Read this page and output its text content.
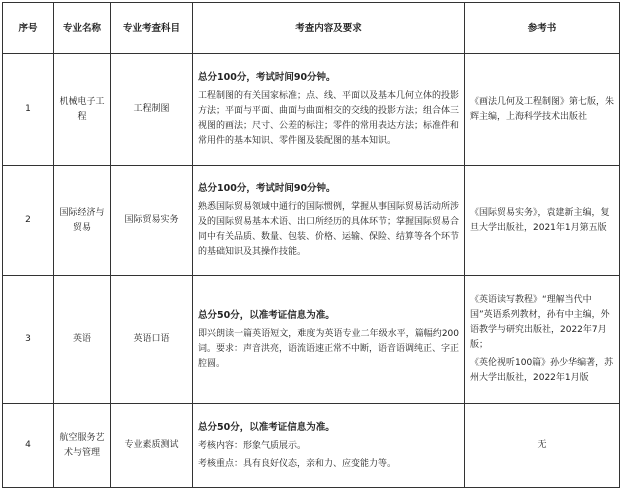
序号	专业名称	专业考查科目	考查内容及要求	参考书
1	机械电子工程	工程制图	总分100分，考试时间90分钟。
工程制图的有关国家标准；点、线、平面以及基本几何立体的投影方法；平面与平面、曲面与曲面相交的交线的投影方法；组合体三视图的画法；尺寸、公差的标注；零件的常用表达方法；标准件和常用件的基本知识、零件图及装配图的基本知识。	《画法几何及工程制图》第七版，朱辉主编，上海科学技术出版社

2	国际经济与贸易	国际贸易实务	总分100分，考试时间90分钟。
熟悉国际贸易领域中通行的国际惯例，掌握从事国际贸易活动所涉及的国际贸易基本术语、出口所经历的具体环节；掌握国际贸易合同中有关品质、数量、包装、价格、运输、保险、结算等各个环节的基础知识及其操作技能。	《国际贸易实务》，袁建新主编，复旦大学出版社，2021年1月第五版

3	英语	英语口语	总分50分，以准考证信息为准。
即兴朗读一篇英语短文，难度为英语专业二年级水平，篇幅约200词。要求：声音洪亮，语流语速正常不中断，语音语调纯正、字正腔圆。	《英语读写教程》“理解当代中国”英语系列教材，孙有中主编，外语教学与研究出版社，2022年7月版；
《英伦视听100篇》孙少华编著，苏州大学出版社，2022年1月版

4	航空服务艺术与管理	专业素质测试	总分50分，以准考证信息为准。
考核内容：形象气质展示。
考核重点：具有良好仪态，亲和力、应变能力等。	无
